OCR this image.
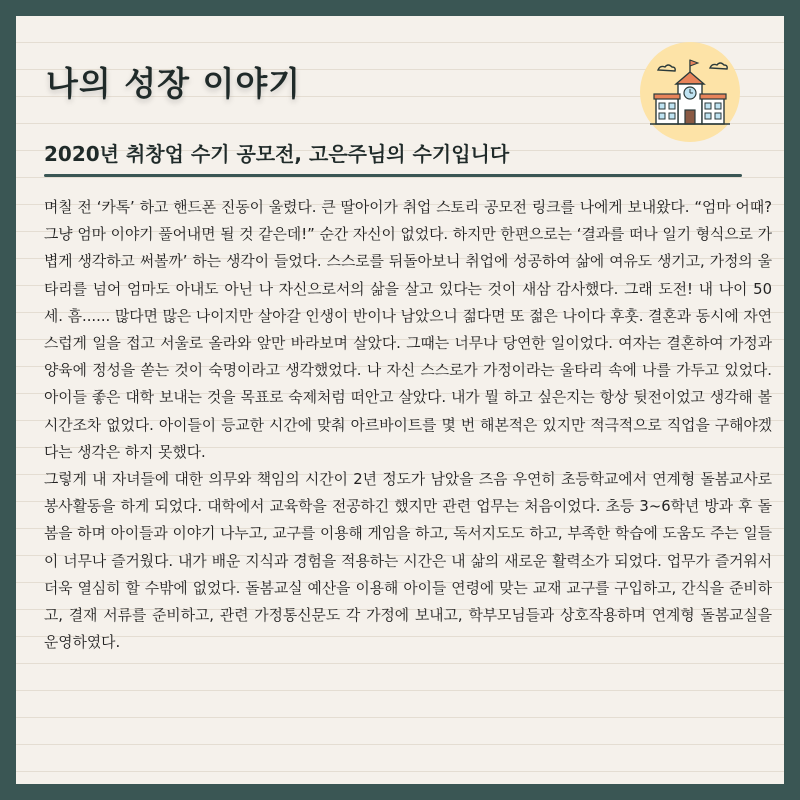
나의 성장 이야기
2020년 취창업 수기 공모전, 고은주님의 수기입니다

며칠 전 ‘카톡’ 하고 핸드폰 진동이 울렸다. 큰 딸아이가 취업 스토리 공모전 링크를 나에게 보내왔다. “엄마 어때? 그냥 엄마 이야기 풀어내면 될 것 같은데!” 순간 자신이 없었다. 하지만 한편으로는 ‘결과를 떠나 일기 형식으로 가볍게 생각하고 써볼까’ 하는 생각이 들었다. 스스로를 뒤돌아보니 취업에 성공하여 삶에 여유도 생기고, 가정의 울타리를 넘어 엄마도 아내도 아닌 나 자신으로서의 삶을 살고 있다는 것이 새삼 감사했다. 그래 도전! 내 나이 50세. 흠...... 많다면 많은 나이지만 살아갈 인생이 반이나 남았으니 젊다면 또 젊은 나이다 후훗. 결혼과 동시에 자연스럽게 일을 접고 서울로 올라와 앞만 바라보며 살았다. 그때는 너무나 당연한 일이었다. 여자는 결혼하여 가정과 양육에 정성을 쏟는 것이 숙명이라고 생각했었다. 나 자신 스스로가 가정이라는 울타리 속에 나를 가두고 있었다. 아이들 좋은 대학 보내는 것을 목표로 숙제처럼 떠안고 살았다. 내가 뭘 하고 싶은지는 항상 뒷전이었고 생각해 볼 시간조차 없었다. 아이들이 등교한 시간에 맞춰 아르바이트를 몇 번 해본적은 있지만 적극적으로 직업을 구해야겠다는 생각은 하지 못했다.

그렇게 내 자녀들에 대한 의무와 책임의 시간이 2년 정도가 남았을 즈음 우연히 초등학교에서 연계형 돌봄교사로 봉사활동을 하게 되었다. 대학에서 교육학을 전공하긴 했지만 관련 업무는 처음이었다. 초등 3~6학년 방과 후 돌봄을 하며 아이들과 이야기 나누고, 교구를 이용해 게임을 하고, 독서지도도 하고, 부족한 학습에 도움도 주는 일들이 너무나 즐거웠다. 내가 배운 지식과 경험을 적용하는 시간은 내 삶의 새로운 활력소가 되었다. 업무가 즐거워서 더욱 열심히 할 수밖에 없었다. 돌봄교실 예산을 이용해 아이들 연령에 맞는 교재 교구를 구입하고, 간식을 준비하고, 결재 서류를 준비하고, 관련 가정통신문도 각 가정에 보내고, 학부모님들과 상호작용하며 연계형 돌봄교실을 운영하였다.
